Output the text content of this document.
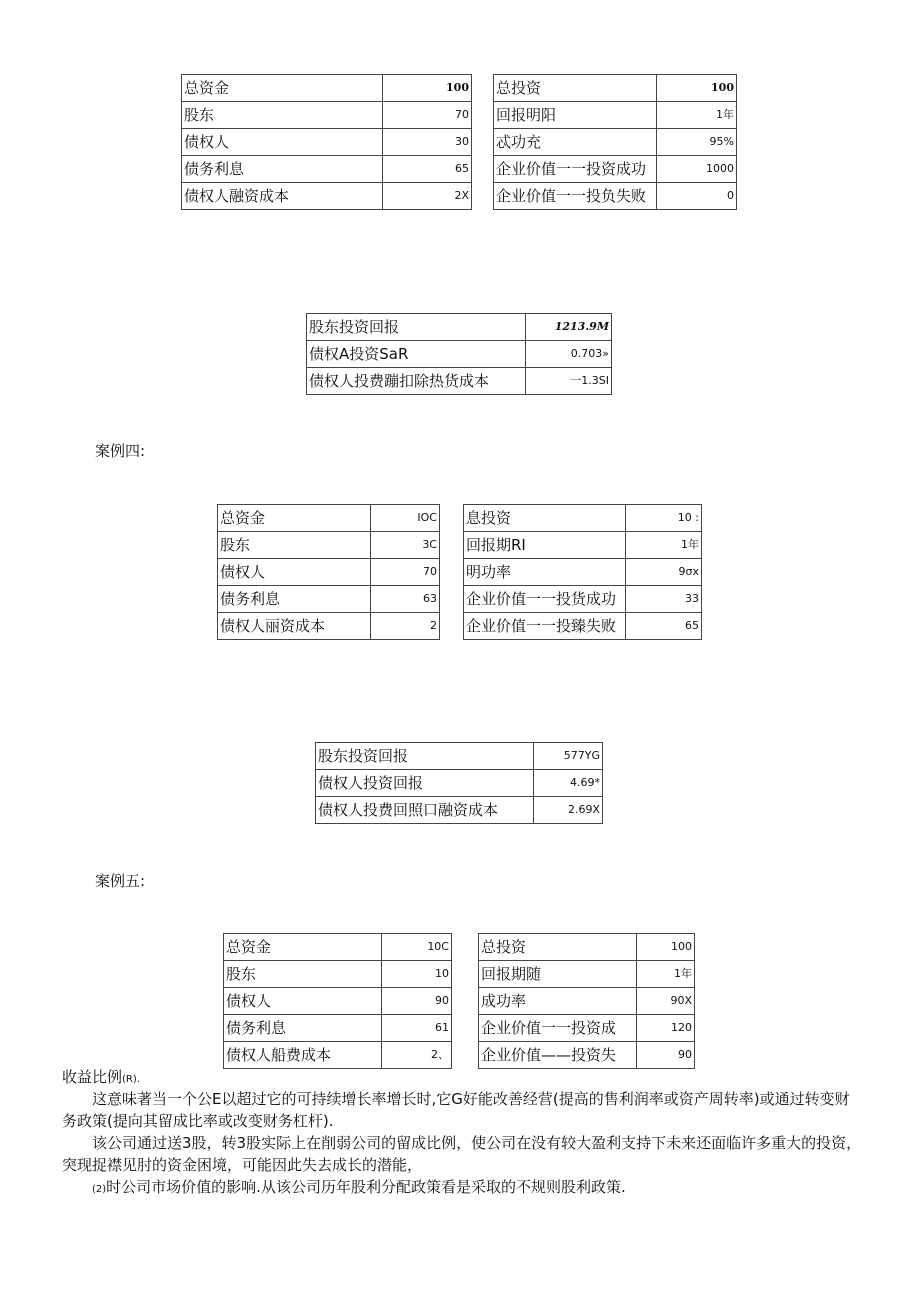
总资金	100		总投资	100
股东	70		回报明阳	1年
债权人	30		忒功充	95%
债务利息	65		企业价值一一投资成功	1000
债权人融资成本	2X		企业价值一一投负失败	0
股东投资回报	1213.9M
债权A投资SaR	0.703»
债权人投费蹦扣除热货成本	一1.3SI
案例四:
总资金	IOC		息投资	10 :
股东	3C		回报期RI	1年
债权人	70		明功率	9σx
债务利息	63		企业价值一一投货成功	33
债权人丽资成本	2		企业价值一一投臻失败	65
股东投资回报	577YG
债权人投资回报	4.69*
债权人投费回照口融资成本	2.69X
案例五:
总资金	10C		总投资	100
股东	10		回报期随	1年
债权人	90		成功率	90X
债务利息	61		企业价值一一投资成	120
债权人船费成本	2、		企业价值——投资失	90
收益比例(R).
这意味著当一个公E以超过它的可持续增长率增长时,它G好能改善经营(提高的售利润率或资产周转率)或通过转变财务政策(提向其留成比率或改变财务杠杆).
该公司通过送3股，转3股实际上在削弱公司的留成比例，使公司在没有较大盈利支持下未来还面临许多重大的投资，突现捉襟见肘的资金困境，可能因此失去成长的潜能，
(2)时公司市场价值的影响.从该公司历年股利分配政策看是采取的不规则股利政策.
